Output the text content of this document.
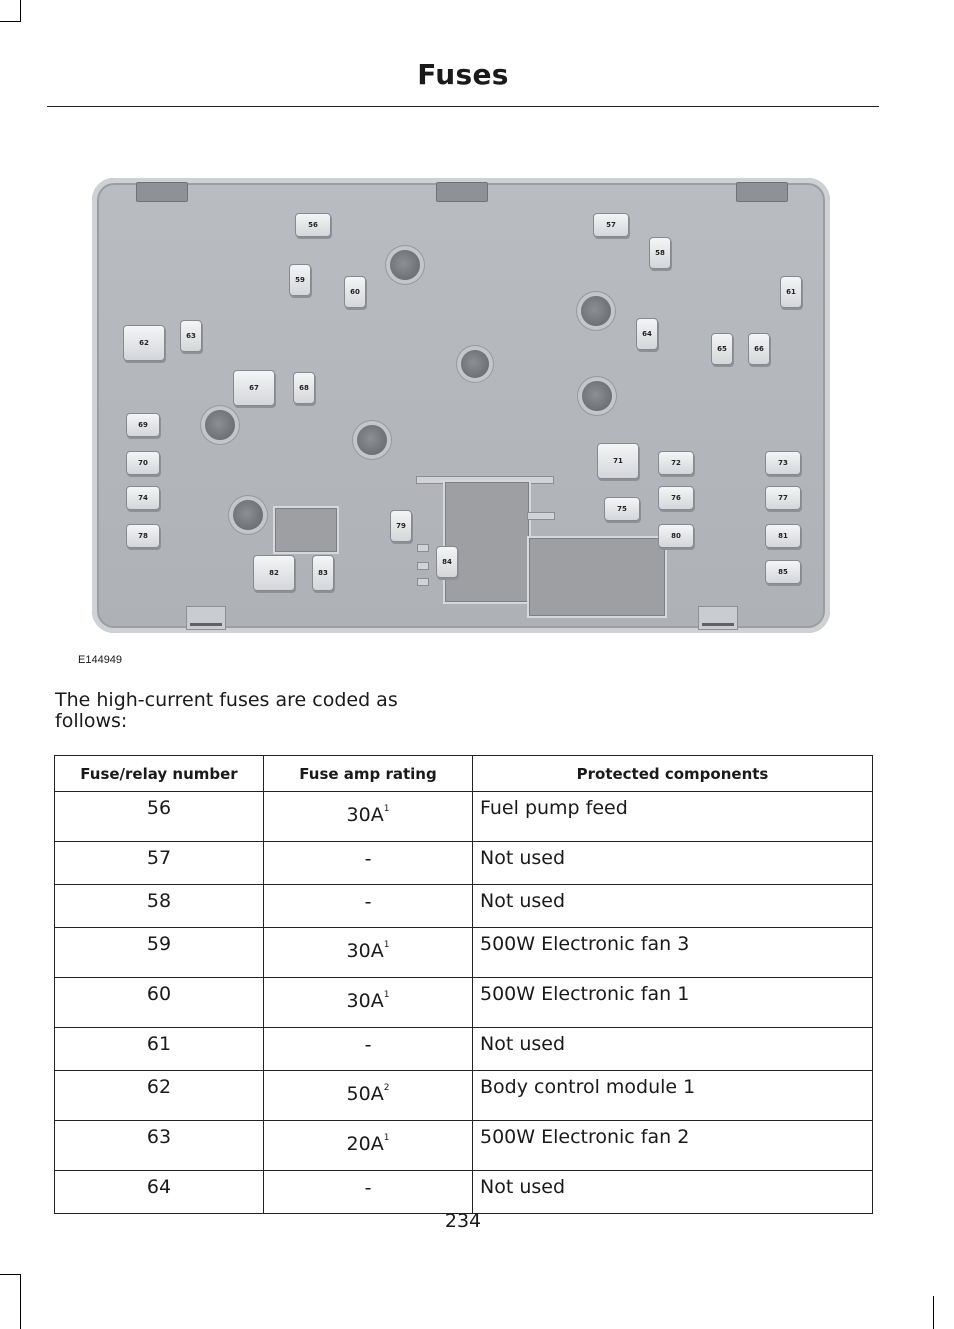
Fuses
56	57
58
59
60	61
62
63	64
65	66
67	68
69
70	71	72	73
74
75
76	77
78
79
80	81
82	83
84
85
E144949
The high-current fuses are coded as follows:
Fuse/relay number	Fuse amp rating	Protected components
56	$30A^1$	Fuel pump feed
57	-	Not used
58	-	Not used
59	$30A^1$	500W Electronic fan 3
60	$30A^1$	500W Electronic fan 1
61	-	Not used
62	$50A^2$	Body control module 1
63	$20A^1$	500W Electronic fan 2
64	-	Not used
234
